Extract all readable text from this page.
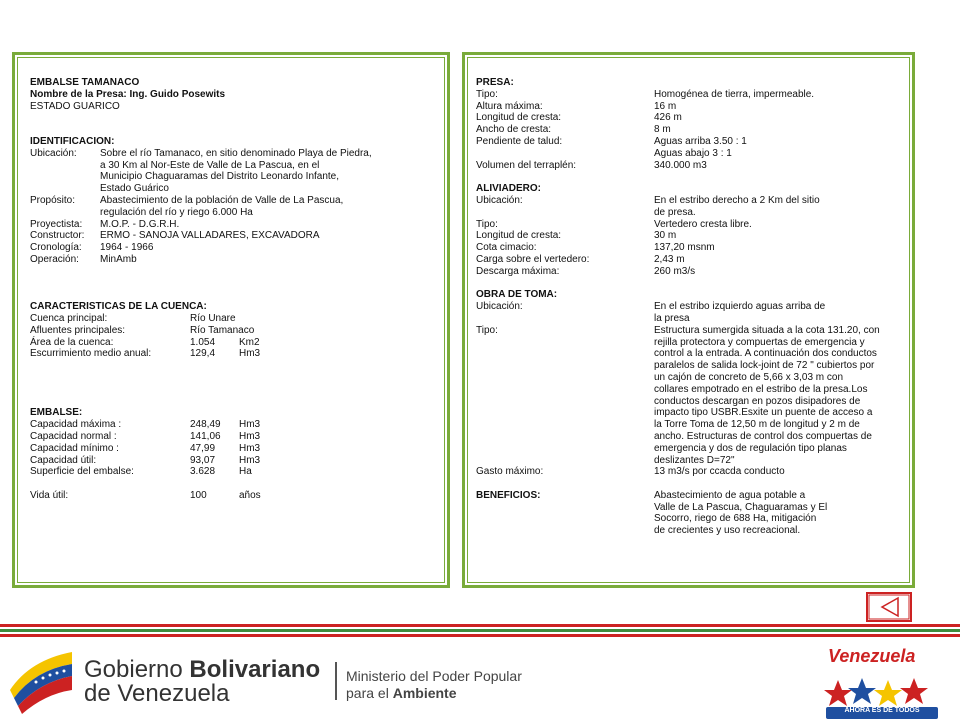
EMBALSE TAMANACO
Nombre de la Presa: Ing. Guido Posewits
ESTADO GUARICO
IDENTIFICACION:
Ubicación: Sobre el río Tamanaco, en sitio denominado Playa de Piedra,
a 30 Km al Nor-Este de Valle de La Pascua, en el
Municipio Chaguaramas del Distrito Leonardo Infante,
Estado Guárico
Propósito: Abastecimiento de la población de Valle de La Pascua,
regulación del río y riego 6.000 Ha
Proyectista: M.O.P. - D.G.R.H.
Constructor: ERMO - SANOJA VALLADARES, EXCAVADORA
Cronología: 1964 - 1966
Operación: MinAmb
CARACTERISTICAS DE LA CUENCA:
Cuenca principal:	Río Unare
Afluentes principales:	Río Tamanaco
Área de la cuenca:	1.054 Km2
Escurrimiento medio anual:	129,4 Hm3
EMBALSE:
Capacidad máxima :	248,49 Hm3
Capacidad normal :	141,06 Hm3
Capacidad mínimo :	47,99 Hm3
Capacidad útil:	93,07 Hm3
Superficie del embalse:	3.628 Ha
Vida útil:	100	años
PRESA:
Tipo:	Homogénea de tierra, impermeable.
Altura máxima:	16 m
Longitud de cresta:	426 m
Ancho de cresta:	8 m
Pendiente de talud:	Aguas arriba 3.50 : 1
Aguas abajo 3 : 1
Volumen del terraplén:	340.000 m3
ALIVIADERO:
Ubicación:	En el estribo derecho a 2 Km del sitio
de presa.
Tipo:	Vertedero cresta libre.
Longitud de cresta:	30 m
Cota cimacio:	137,20 msnm
Carga sobre el vertedero:	2,43 m
Descarga máxima:	260 m3/s
OBRA DE TOMA:
Ubicación:	En el estribo izquierdo aguas arriba de
la presa
Tipo:	Estructura sumergida situada a la cota 131.20, con
rejilla protectora y compuertas de emergencia y
control a la entrada. A continuación dos conductos
paralelos de salida lock-joint de 72 " cubiertos por
un cajón de concreto de 5,66 x 3,03 m con
collares empotrado en el estribo de la presa.Los
conductos descargan en pozos disipadores de
impacto tipo USBR.Esxite un puente de acceso a
la Torre Toma de 12,50 m de longitud y 2 m de
ancho. Estructuras de control dos compuertas de
emergencia y dos de regulación tipo planas
deslizantes D=72"
Gasto máximo:	13 m3/s por ccacda conducto
BENEFICIOS:	Abastecimiento de agua potable a
Valle de La Pascua, Chaguaramas y El
Socorro, riego de 688 Ha, mitigación
de crecientes y uso recreacional.
Gobierno Bolivariano
de Venezuela
Ministerio del Poder Popular
para el Ambiente
Venezuela
AHORA ES DE TODOS
